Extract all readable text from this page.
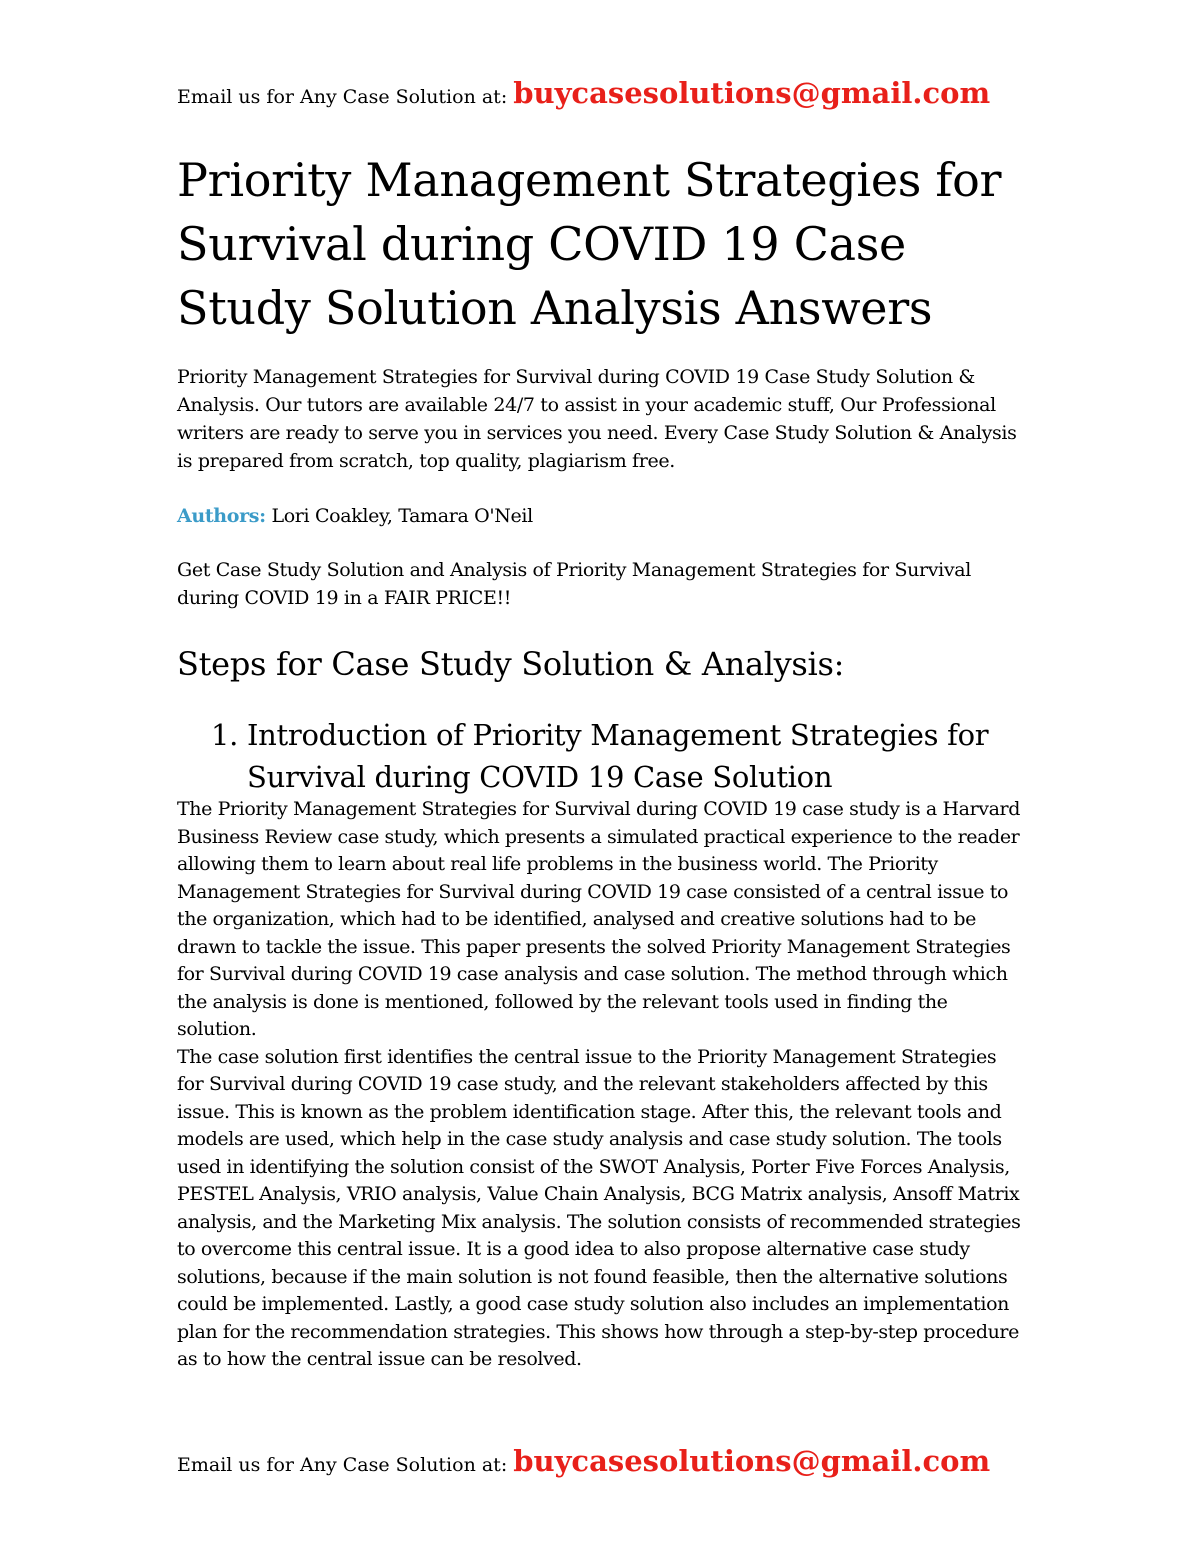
Email us for Any Case Solution at: buycasesolutions@gmail.com
Priority Management Strategies for Survival during COVID 19 Case Study Solution Analysis Answers

Priority Management Strategies for Survival during COVID 19 Case Study Solution & Analysis. Our tutors are available 24/7 to assist in your academic stuff, Our Professional writers are ready to serve you in services you need. Every Case Study Solution & Analysis is prepared from scratch, top quality, plagiarism free.

Authors: Lori Coakley, Tamara O'Neil

Get Case Study Solution and Analysis of Priority Management Strategies for Survival during COVID 19 in a FAIR PRICE!!

Steps for Case Study Solution & Analysis:
1. Introduction of Priority Management Strategies for Survival during COVID 19 Case Solution

The Priority Management Strategies for Survival during COVID 19 case study is a Harvard Business Review case study, which presents a simulated practical experience to the reader allowing them to learn about real life problems in the business world. The Priority Management Strategies for Survival during COVID 19 case consisted of a central issue to the organization, which had to be identified, analysed and creative solutions had to be drawn to tackle the issue. This paper presents the solved Priority Management Strategies for Survival during COVID 19 case analysis and case solution. The method through which the analysis is done is mentioned, followed by the relevant tools used in finding the solution.

The case solution first identifies the central issue to the Priority Management Strategies for Survival during COVID 19 case study, and the relevant stakeholders affected by this issue. This is known as the problem identification stage. After this, the relevant tools and models are used, which help in the case study analysis and case study solution. The tools used in identifying the solution consist of the SWOT Analysis, Porter Five Forces Analysis, PESTEL Analysis, VRIO analysis, Value Chain Analysis, BCG Matrix analysis, Ansoff Matrix analysis, and the Marketing Mix analysis. The solution consists of recommended strategies to overcome this central issue. It is a good idea to also propose alternative case study solutions, because if the main solution is not found feasible, then the alternative solutions could be implemented. Lastly, a good case study solution also includes an implementation plan for the recommendation strategies. This shows how through a step-by-step procedure as to how the central issue can be resolved.

Email us for Any Case Solution at: buycasesolutions@gmail.com
